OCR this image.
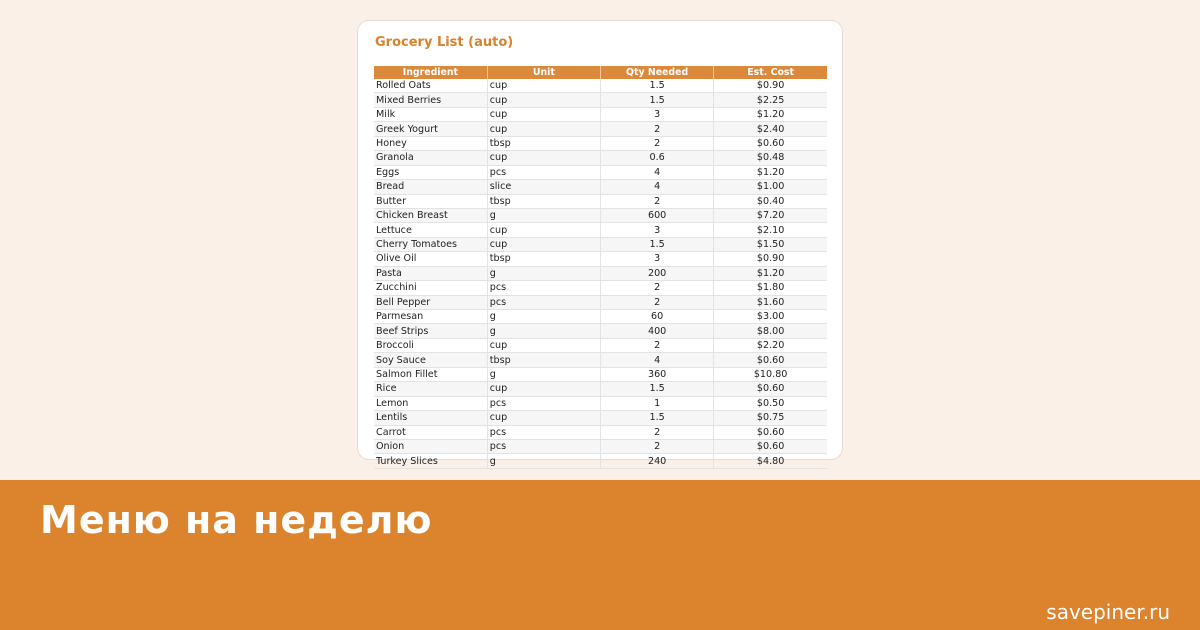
Grocery List (auto)
Ingredient	Unit	Qty Needed	Est. Cost
Rolled Oats	cup	1.5	$0.90
Mixed Berries	cup	1.5	$2.25
Milk	cup	3	$1.20
Greek Yogurt	cup	2	$2.40
Honey	tbsp	2	$0.60
Granola	cup	0.6	$0.48
Eggs	pcs	4	$1.20
Bread	slice	4	$1.00
Butter	tbsp	2	$0.40
Chicken Breast	g	600	$7.20
Lettuce	cup	3	$2.10
Cherry Tomatoes	cup	1.5	$1.50
Olive Oil	tbsp	3	$0.90
Pasta	g	200	$1.20
Zucchini	pcs	2	$1.80
Bell Pepper	pcs	2	$1.60
Parmesan	g	60	$3.00
Beef Strips	g	400	$8.00
Broccoli	cup	2	$2.20
Soy Sauce	tbsp	4	$0.60
Salmon Fillet	g	360	$10.80
Rice	cup	1.5	$0.60
Lemon	pcs	1	$0.50
Lentils	cup	1.5	$0.75
Carrot	pcs	2	$0.60
Onion	pcs	2	$0.60
Turkey Slices	g	240	$4.80
Меню на неделю
savepiner.ru
